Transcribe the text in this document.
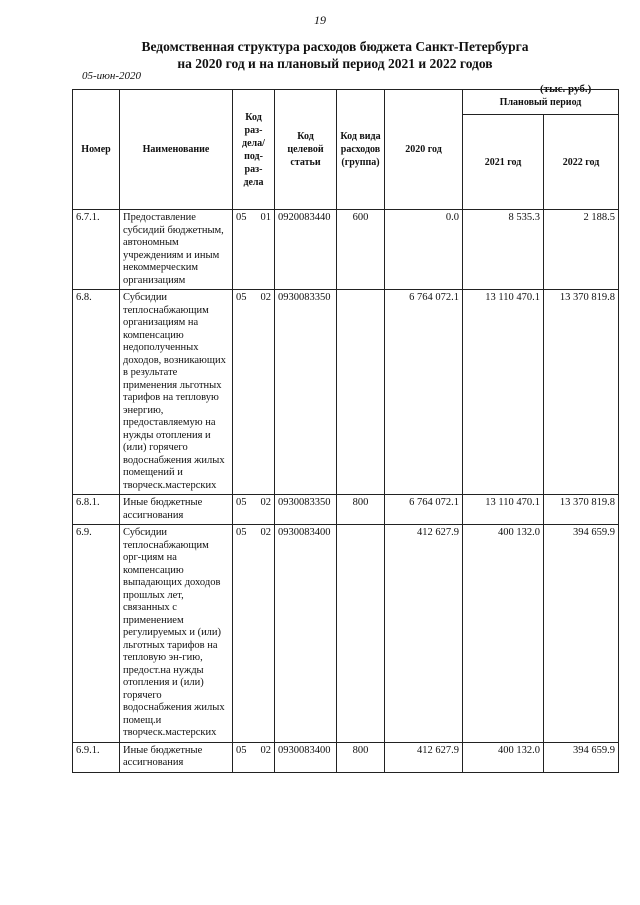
19
Ведомственная структура расходов бюджета Санкт-Петербурга
на 2020 год и на плановый период 2021 и 2022 годов
05-июн-2020
(тыс. руб.)
Номер	Наименование	Код раз- дела/ под- раз- дела	Код целевой статьи	Код вида расходов (группа)	2020 год	Плановый период	
						2021 год	2022 год
6.7.1.	Предоставление субсидий бюджетным, автономным учреждениям и иным некоммерческим организациям	05 01	0920083440	600	0.0	8 535.3	2 188.5
6.8.	Субсидии теплоснабжающим организациям на компенсацию недополученных доходов, возникающих в результате применения льготных тарифов на тепловую энергию, предоставляемую на нужды отопления и (или) горячего водоснабжения жилых помещений и творческ.мастерских	05 02	0930083350		6 764 072.1	13 110 470.1	13 370 819.8
6.8.1.	Иные бюджетные ассигнования	05 02	0930083350	800	6 764 072.1	13 110 470.1	13 370 819.8
6.9.	Субсидии теплоснабжающим орг-циям на компенсацию выпадающих доходов прошлых лет, связанных с применением регулируемых и (или) льготных тарифов на тепловую эн-гию, предост.на нужды отопления и (или) горячего водоснабжения жилых помещ.и творческ.мастерских	05 02	0930083400		412 627.9	400 132.0	394 659.9
6.9.1.	Иные бюджетные ассигнования	05 02	0930083400	800	412 627.9	400 132.0	394 659.9
